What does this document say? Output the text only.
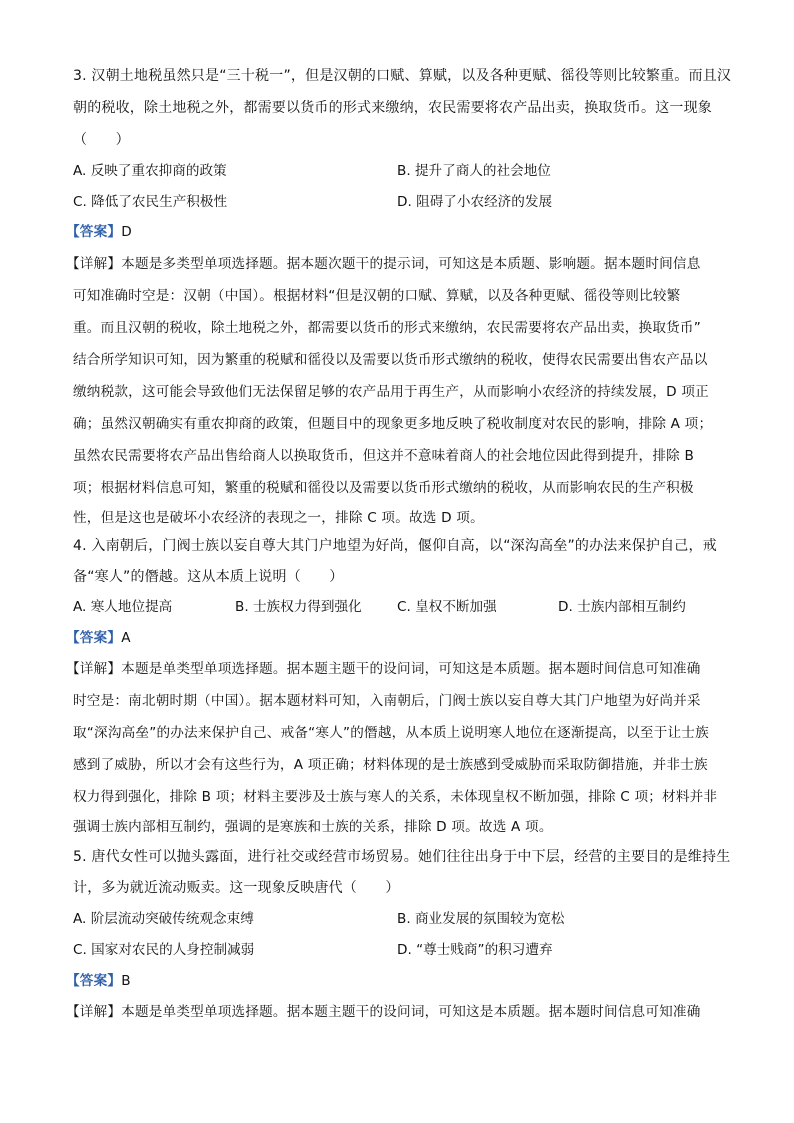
3. 汉朝土地税虽然只是“三十税一”，但是汉朝的口赋、算赋，以及各种更赋、徭役等则比较繁重。而且汉
朝的税收，除土地税之外，都需要以货币的形式来缴纳，农民需要将农产品出卖，换取货币。这一现象
（　　）
A. 反映了重农抑商的政策	B. 提升了商人的社会地位
C. 降低了农民生产积极性	D. 阻碍了小农经济的发展
【答案】D
【详解】本题是多类型单项选择题。据本题次题干的提示词，可知这是本质题、影响题。据本题时间信息
可知准确时空是：汉朝（中国）。根据材料“但是汉朝的口赋、算赋，以及各种更赋、徭役等则比较繁
重。而且汉朝的税收，除土地税之外，都需要以货币的形式来缴纳，农民需要将农产品出卖，换取货币”
结合所学知识可知，因为繁重的税赋和徭役以及需要以货币形式缴纳的税收，使得农民需要出售农产品以
缴纳税款，这可能会导致他们无法保留足够的农产品用于再生产，从而影响小农经济的持续发展，D 项正
确；虽然汉朝确实有重农抑商的政策，但题目中的现象更多地反映了税收制度对农民的影响，排除 A 项；
虽然农民需要将农产品出售给商人以换取货币，但这并不意味着商人的社会地位因此得到提升，排除 B
项；根据材料信息可知，繁重的税赋和徭役以及需要以货币形式缴纳的税收，从而影响农民的生产积极
性，但是这也是破坏小农经济的表现之一，排除 C 项。故选 D 项。
4. 入南朝后，门阀士族以妄自尊大其门户地望为好尚，偃仰自高，以“深沟高垒”的办法来保护自己，戒
备“寒人”的僭越。这从本质上说明（　　）
A. 寒人地位提高	B. 士族权力得到强化	C. 皇权不断加强	D. 士族内部相互制约
【答案】A
【详解】本题是单类型单项选择题。据本题主题干的设问词，可知这是本质题。据本题时间信息可知准确
时空是：南北朝时期（中国）。据本题材料可知，入南朝后，门阀士族以妄自尊大其门户地望为好尚并采
取“深沟高垒”的办法来保护自己、戒备“寒人”的僭越，从本质上说明寒人地位在逐渐提高，以至于让士族
感到了威胁，所以才会有这些行为，A 项正确；材料体现的是士族感到受威胁而采取防御措施，并非士族
权力得到强化，排除 B 项；材料主要涉及士族与寒人的关系，未体现皇权不断加强，排除 C 项；材料并非
强调士族内部相互制约，强调的是寒族和士族的关系，排除 D 项。故选 A 项。
5. 唐代女性可以抛头露面，进行社交或经营市场贸易。她们往往出身于中下层，经营的主要目的是维持生
计，多为就近流动贩卖。这一现象反映唐代（　　）
A. 阶层流动突破传统观念束缚	B. 商业发展的氛围较为宽松
C. 国家对农民的人身控制减弱	D. “尊士贱商”的积习遭弃
【答案】B
【详解】本题是单类型单项选择题。据本题主题干的设问词，可知这是本质题。据本题时间信息可知准确
